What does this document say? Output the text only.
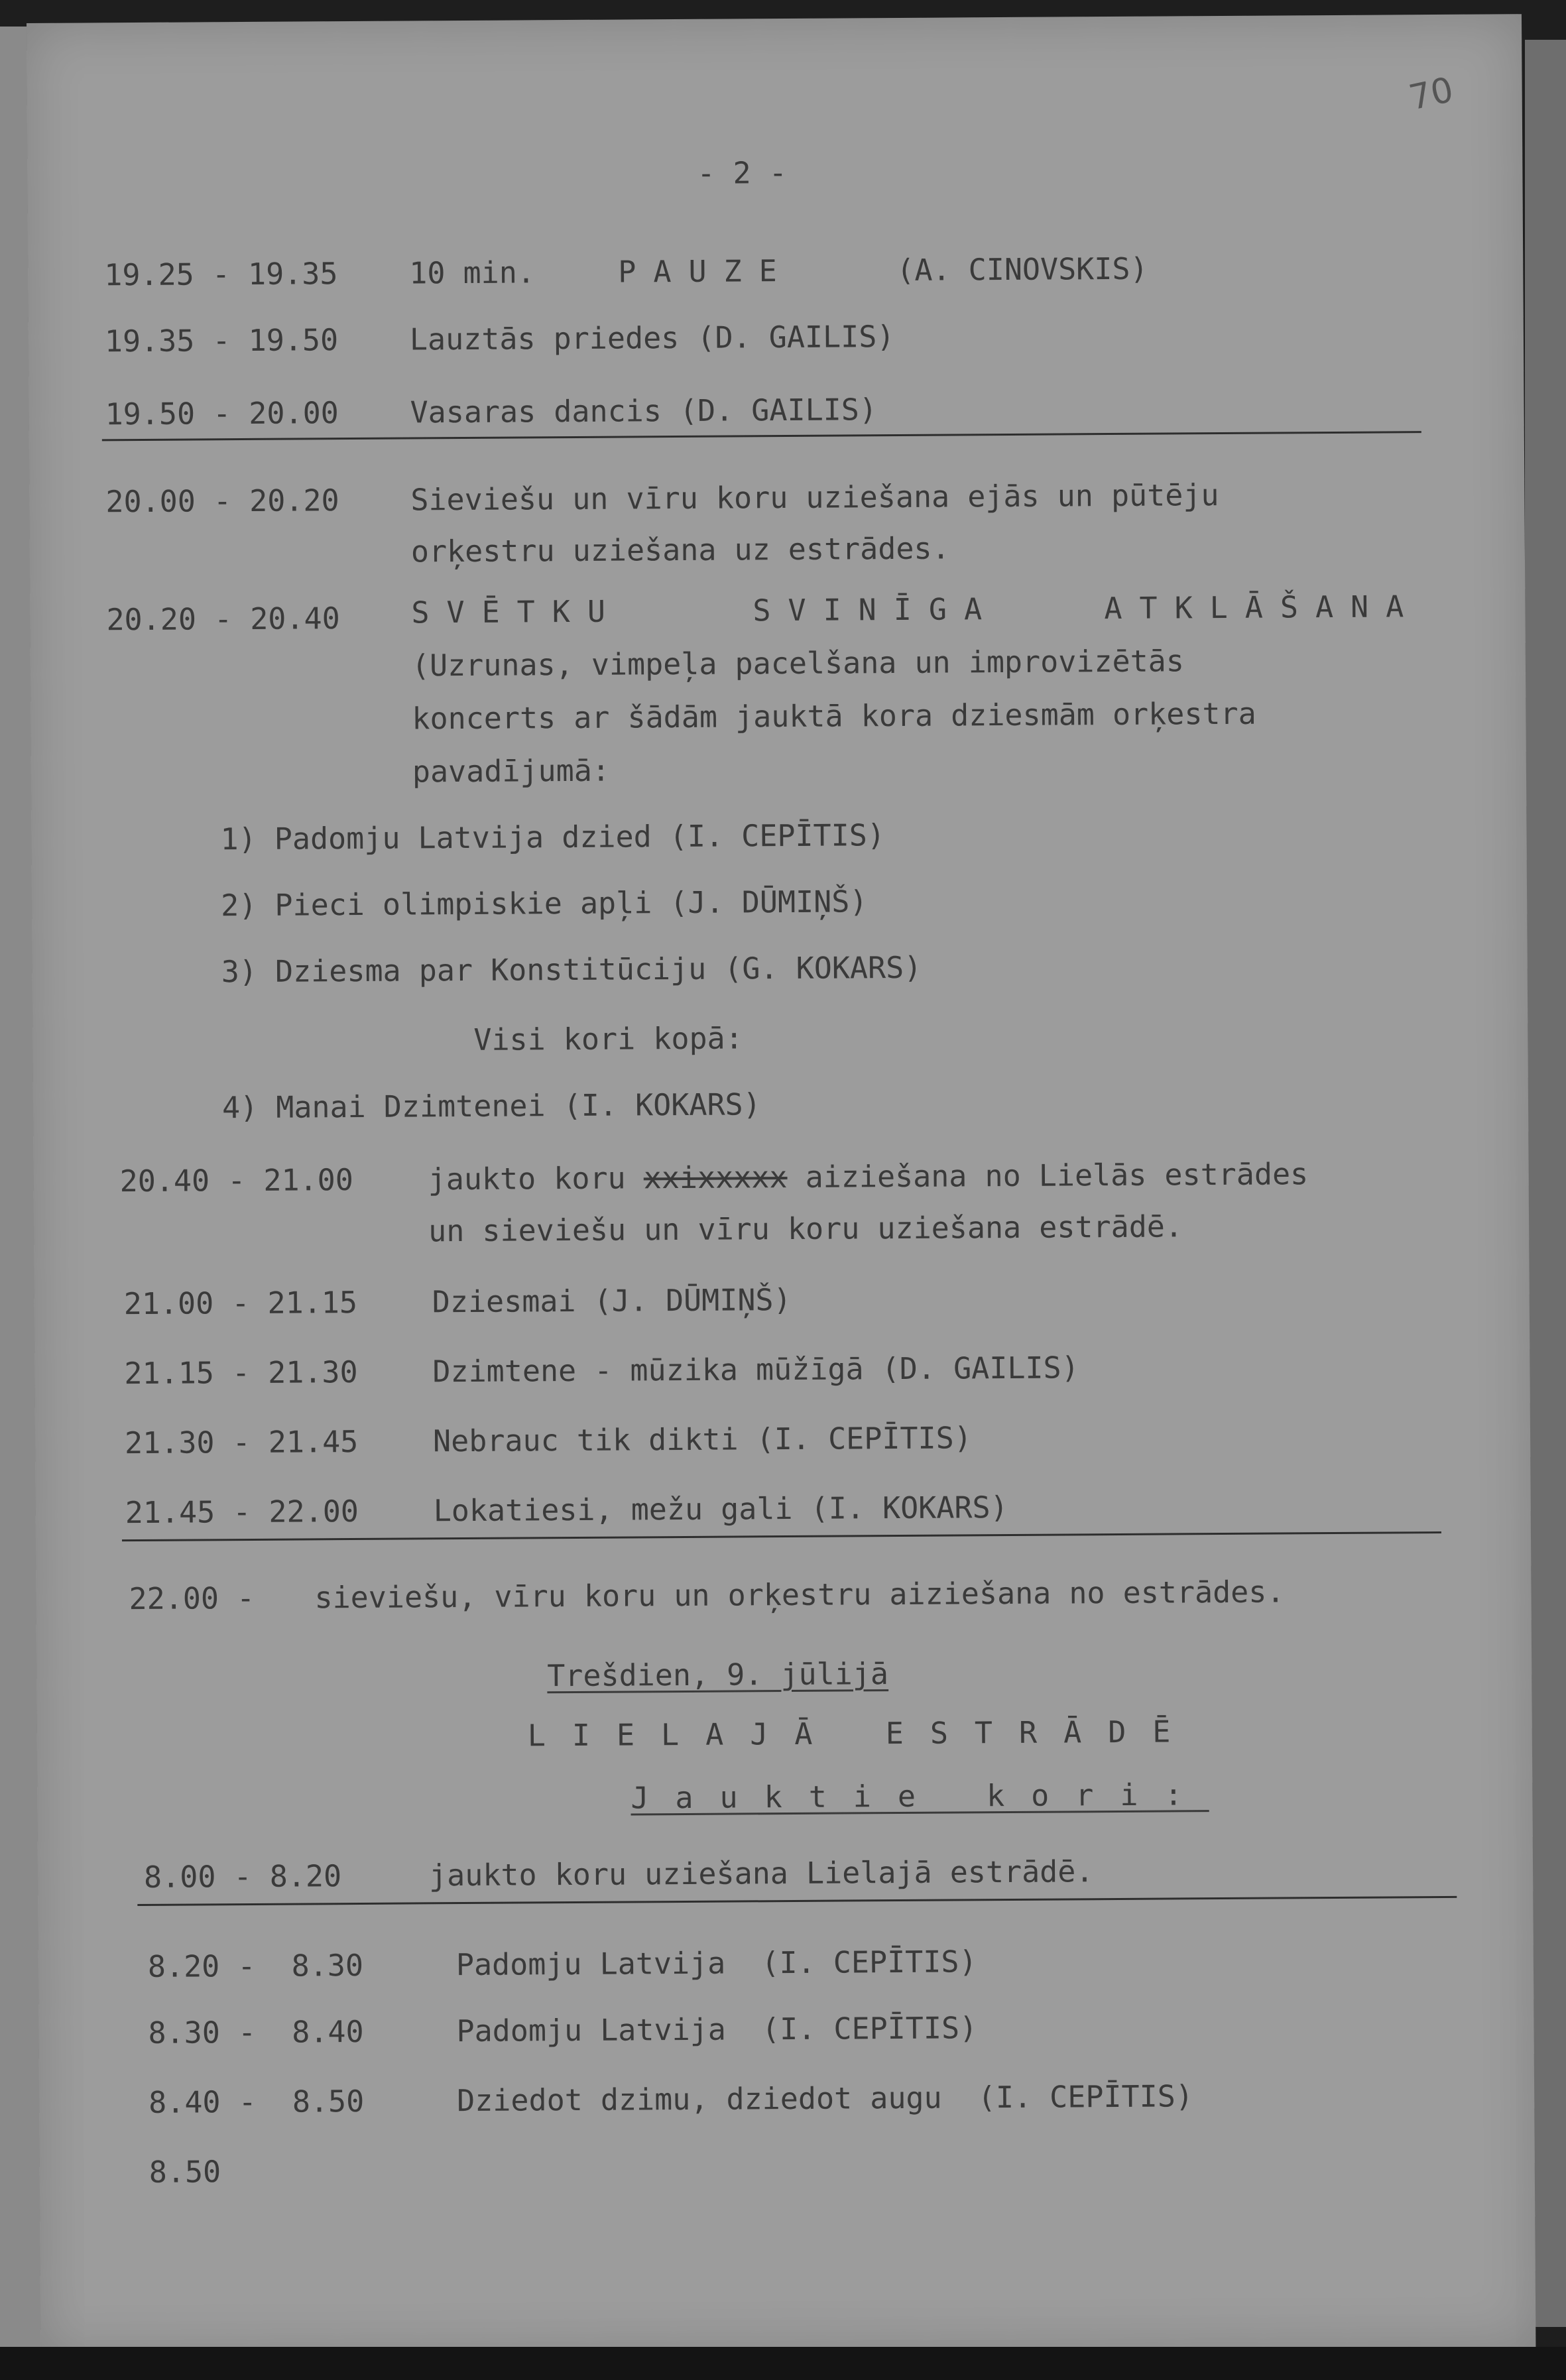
70
- 2 -
19.25 - 19.35 10 min.	PAUZE	(A. CINOVSKIS)
19.35 - 19.50 Lauztās priedes (D. GAILIS)
19.50 - 20.00 Vasaras dancis (D. GAILIS)
20.00 - 20.20 Sieviešu un vīru koru uziešana ejās un pūtēju
orķestru uziešana uz estrādes.
20.20 - 20.40 SVĒTKU	SVINĪGA	ATKLĀŠANA
(Uzrunas, vimpeļa pacelšana un improvizētās
koncerts ar šādām jauktā kora dziesmām orķestra
pavadījumā:
1) Padomju Latvija dzied (I. CEPĪTIS)
2) Pieci olimpiskie apļi (J. DŪMIŅŠ)
3) Dziesma par Konstitūciju (G. KOKARS)
Visi kori kopā:
4) Manai Dzimtenei (I. KOKARS)
20.40 - 21.00 jaukto koru xxixxxxx aiziešana no Lielās estrādes
un sieviešu un vīru koru uziešana estrādē.
21.00 - 21.15 Dziesmai (J. DŪMIŅŠ)
21.15 - 21.30 Dzimtene - mūzika mūžīgā (D. GAILIS)
21.30 - 21.45 Nebrauc tik dikti (I. CEPĪTIS)
21.45 - 22.00 Lokatiesi, mežu gali (I. KOKARS)
22.00 - sieviešu, vīru koru un orķestru aiziešana no estrādes.
Trešdien, 9. jūlijā
LIELAJĀ ESTRĀDĒ
Jauktie kori:
8.00 - 8.20	jaukto koru uziešana Lielajā estrādē.
8.20 -  8.30	Padomju Latvija  (I. CEPĪTIS)
8.30 -  8.40	Padomju Latvija  (I. CEPĪTIS)
8.40 -  8.50	Dziedot dzimu, dziedot augu  (I. CEPĪTIS)
8.50
